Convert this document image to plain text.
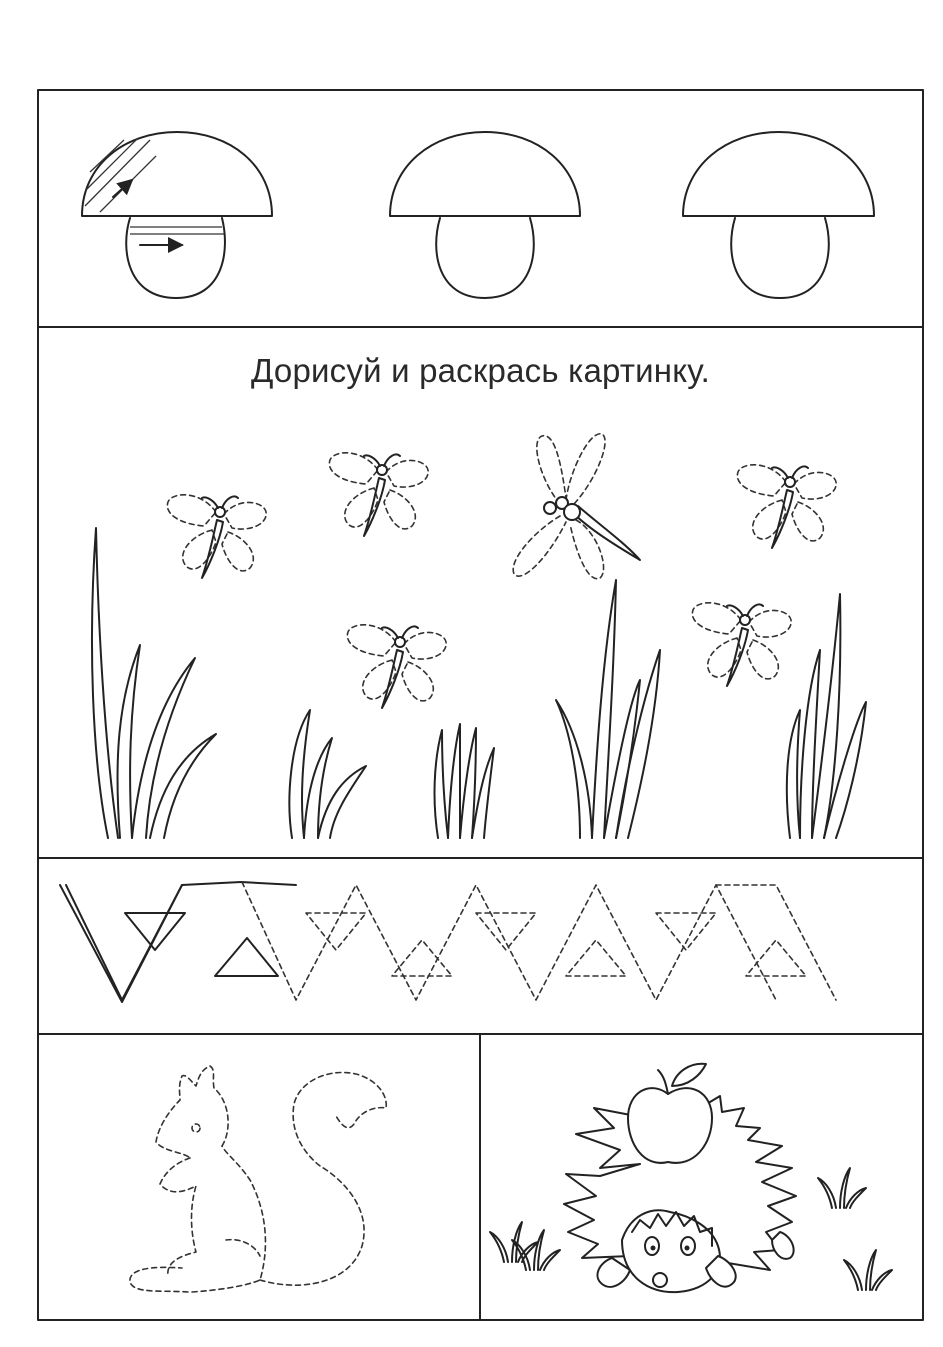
Дорисуй и раскрась картинку.
